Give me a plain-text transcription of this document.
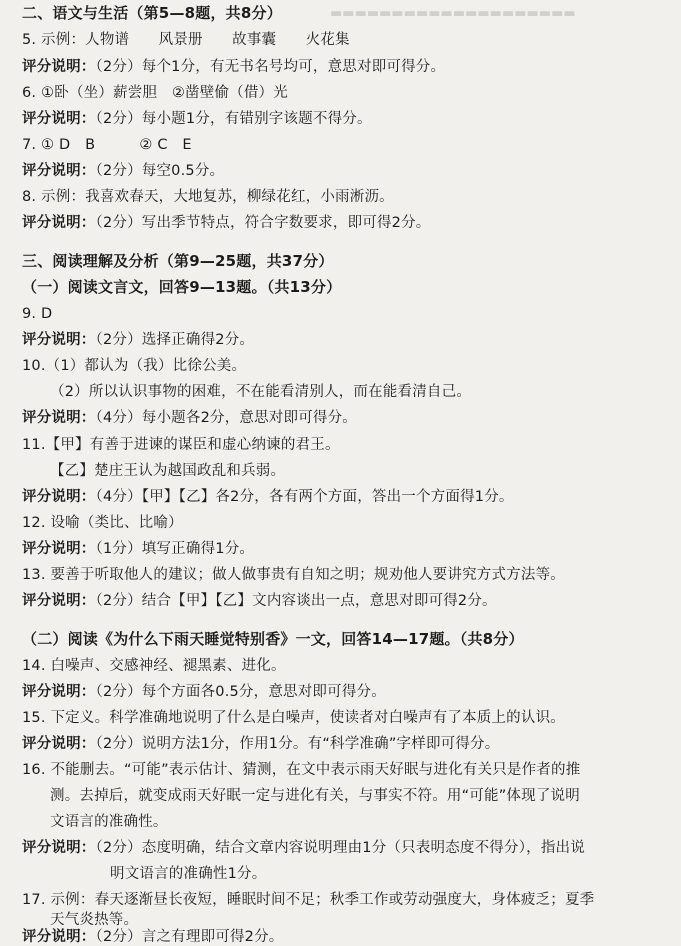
▬▬▬▬▬▬▬▬▬▬▬▬▬▬▬▬▬▬▬▬
二、语文与生活（第5—8题，共8分）
5. 示例：人物谱　　风景册　　故事囊　　火花集
评分说明：（2分）每个1分，有无书名号均可，意思对即可得分。
6. ①卧（坐）薪尝胆　②凿壁偷（借）光
评分说明：（2分）每小题1分，有错别字该题不得分。
7. ① D　B　　　② C　E
评分说明：（2分）每空0.5分。
8. 示例：我喜欢春天，大地复苏，柳绿花红，小雨淅沥。
评分说明：（2分）写出季节特点，符合字数要求，即可得2分。
三、阅读理解及分析（第9—25题，共37分）
（一）阅读文言文，回答9—13题。（共13分）
9. D
评分说明：（2分）选择正确得2分。
10.（1）都认为（我）比徐公美。
（2）所以认识事物的困难，不在能看清别人，而在能看清自己。
评分说明：（4分）每小题各2分，意思对即可得分。
11.【甲】有善于进谏的谋臣和虚心纳谏的君王。
【乙】楚庄王认为越国政乱和兵弱。
评分说明：（4分）【甲】【乙】各2分，各有两个方面，答出一个方面得1分。
12. 设喻（类比、比喻）
评分说明：（1分）填写正确得1分。
13. 要善于听取他人的建议；做人做事贵有自知之明；规劝他人要讲究方式方法等。
评分说明：（2分）结合【甲】【乙】文内容谈出一点，意思对即可得2分。
（二）阅读《为什么下雨天睡觉特别香》一文，回答14—17题。（共8分）
14. 白噪声、交感神经、褪黑素、进化。
评分说明：（2分）每个方面各0.5分，意思对即可得分。
15. 下定义。科学准确地说明了什么是白噪声，使读者对白噪声有了本质上的认识。
评分说明：（2分）说明方法1分，作用1分。有“科学准确”字样即可得分。
16. 不能删去。“可能”表示估计、猜测，在文中表示雨天好眠与进化有关只是作者的推
测。去掉后，就变成雨天好眠一定与进化有关，与事实不符。用“可能”体现了说明
文语言的准确性。
评分说明：（2分）态度明确，结合文章内容说明理由1分（只表明态度不得分），指出说
明文语言的准确性1分。
17. 示例：春天逐渐昼长夜短，睡眠时间不足；秋季工作或劳动强度大，身体疲乏；夏季
天气炎热等。
评分说明：（2分）言之有理即可得2分。
